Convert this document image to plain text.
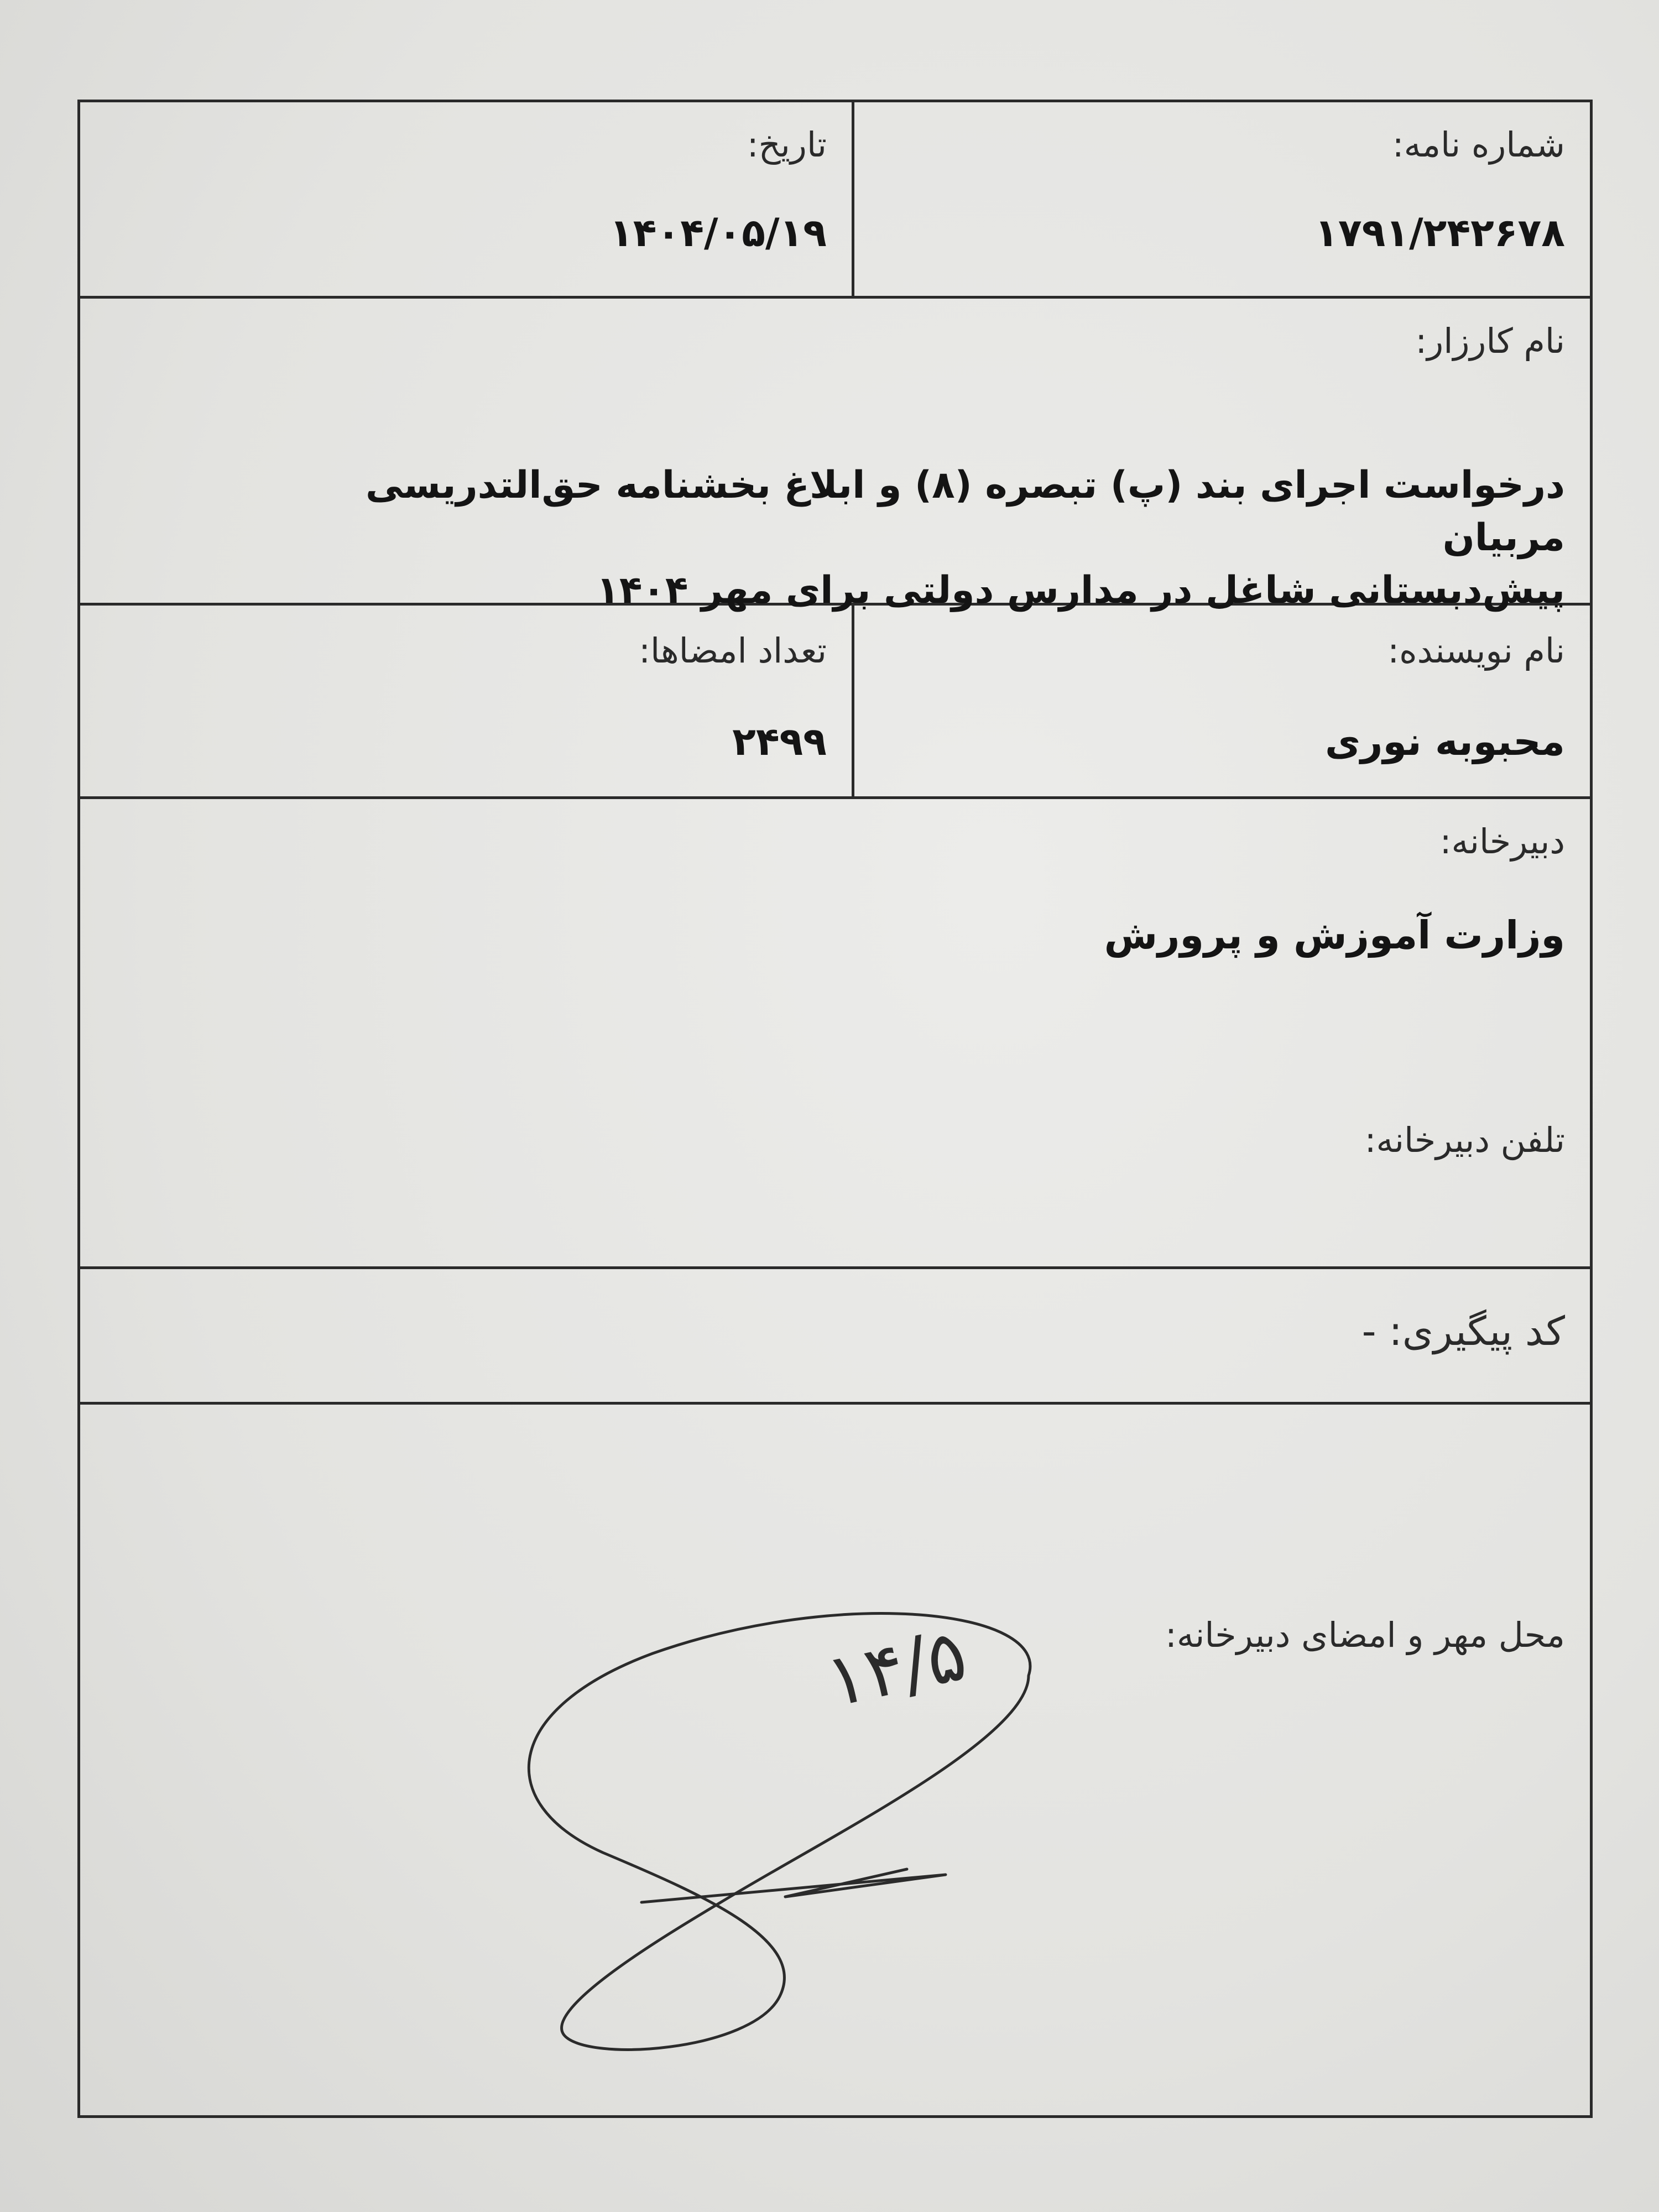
شماره نامه:
۱۷۹۱/۲۴۲۶۷۸
تاریخ:
۱۴۰۴/۰۵/۱۹
نام کارزار:
درخواست اجرای بند (پ) تبصره (۸) و ابلاغ بخشنامه حق‌التدریسی مربیان
پیش‌دبستانی شاغل در مدارس دولتی برای مهر ۱۴۰۴
نام نویسنده:
محبوبه نوری
تعداد امضاها:
۲۴۹۹
دبیرخانه:
وزارت آموزش و پرورش
تلفن دبیرخانه:
کد پیگیری: -
محل مهر و امضای دبیرخانه:
۱۴/۵
